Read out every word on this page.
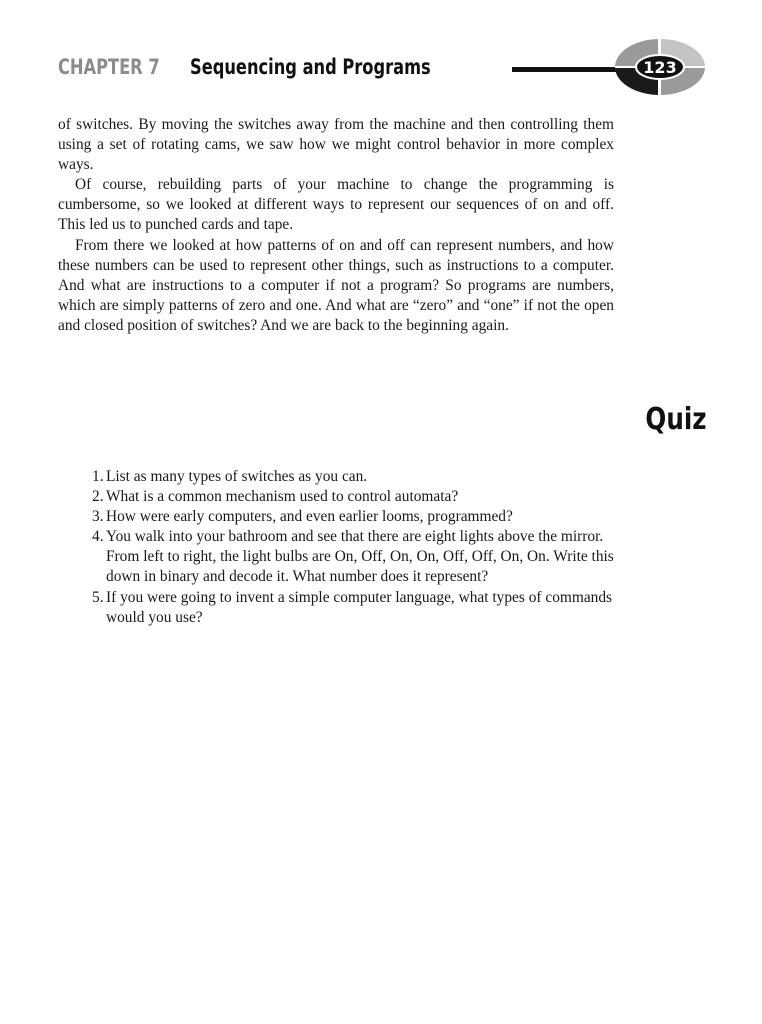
CHAPTER 7 Sequencing and Programs	123

of switches. By moving the switches away from the machine and then controlling them using a set of rotating cams, we saw how we might control behavior in more complex ways.

Of course, rebuilding parts of your machine to change the programming is cumbersome, so we looked at different ways to represent our sequences of on and off. This led us to punched cards and tape.

From there we looked at how patterns of on and off can represent numbers, and how these numbers can be used to represent other things, such as instructions to a computer. And what are instructions to a computer if not a program? So programs are numbers, which are simply patterns of zero and one. And what are “zero” and “one” if not the open and closed position of switches? And we are back to the beginning again.

Quiz
1. List as many types of switches as you can.
2. What is a common mechanism used to control automata?
3. How were early computers, and even earlier looms, programmed?
4. You walk into your bathroom and see that there are eight lights above the mirror. From left to right, the light bulbs are On, Off, On, On, Off, Off, On, On. Write this down in binary and decode it. What number does it represent?
5. If you were going to invent a simple computer language, what types of commands would you use?
